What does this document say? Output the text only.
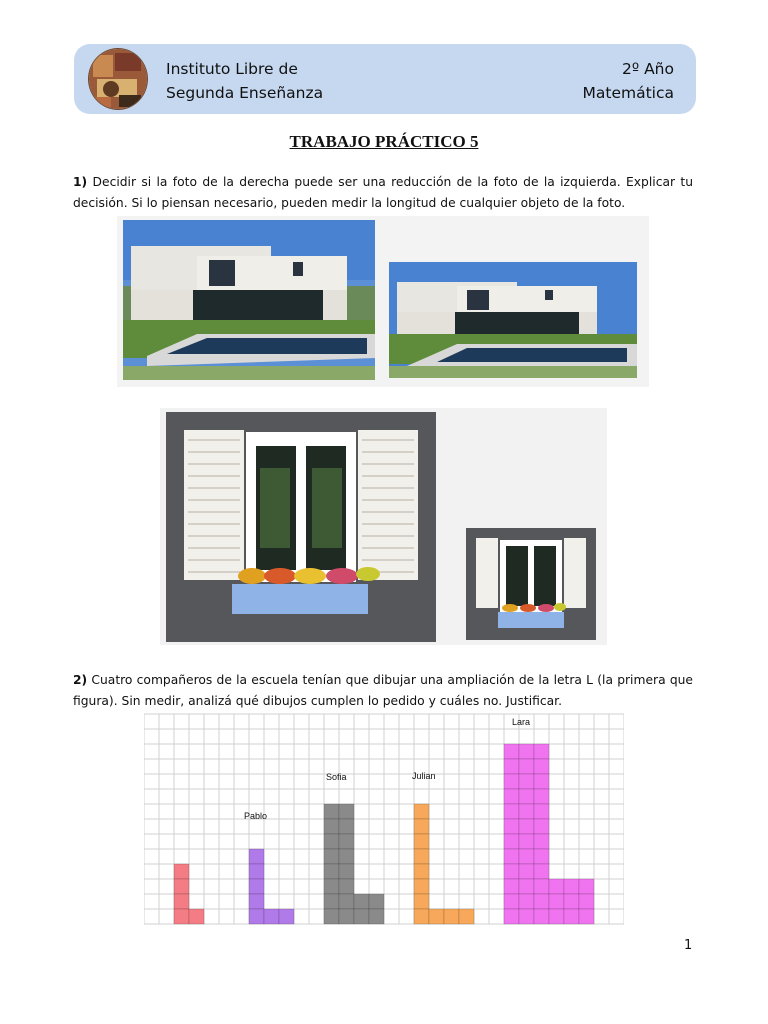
Instituto Libre de
Segunda Enseñanza
2º Año
Matemática
TRABAJO PRÁCTICO 5
1) Decidir si la foto de la derecha puede ser una reducción de la foto de la izquierda. Explicar tu decisión. Si lo piensan necesario, pueden medir la longitud de cualquier objeto de la foto.
2) Cuatro compañeros de la escuela tenían que dibujar una ampliación de la letra L (la primera que figura). Sin medir, analizá qué dibujos cumplen lo pedido y cuáles no. Justificar.
Pablo
Sofia	Julian
Lara
1
